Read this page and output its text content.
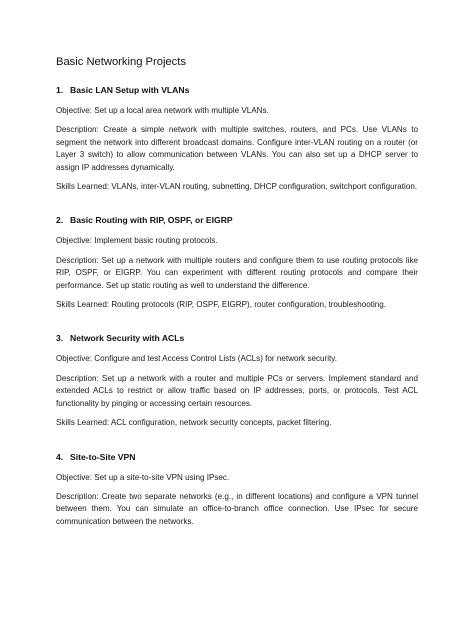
Basic Networking Projects
1. Basic LAN Setup with VLANs

Objective: Set up a local area network with multiple VLANs.

Description: Create a simple network with multiple switches, routers, and PCs. Use VLANs to segment the network into different broadcast domains. Configure inter-VLAN routing on a router (or Layer 3 switch) to allow communication between VLANs. You can also set up a DHCP server to assign IP addresses dynamically.

Skills Learned: VLANs, inter-VLAN routing, subnetting, DHCP configuration, switchport configuration.

2. Basic Routing with RIP, OSPF, or EIGRP

Objective: Implement basic routing protocols.

Description: Set up a network with multiple routers and configure them to use routing protocols like RIP, OSPF, or EIGRP. You can experiment with different routing protocols and compare their performance. Set up static routing as well to understand the difference.

Skills Learned: Routing protocols (RIP, OSPF, EIGRP), router configuration, troubleshooting.

3. Network Security with ACLs

Objective: Configure and test Access Control Lists (ACLs) for network security.

Description: Set up a network with a router and multiple PCs or servers. Implement standard and extended ACLs to restrict or allow traffic based on IP addresses, ports, or protocols. Test ACL functionality by pinging or accessing certain resources.

Skills Learned: ACL configuration, network security concepts, packet filtering.

4. Site-to-Site VPN

Objective: Set up a site-to-site VPN using IPsec.

Description: Create two separate networks (e.g., in different locations) and configure a VPN tunnel between them. You can simulate an office-to-branch office connection. Use IPsec for secure communication between the networks.
